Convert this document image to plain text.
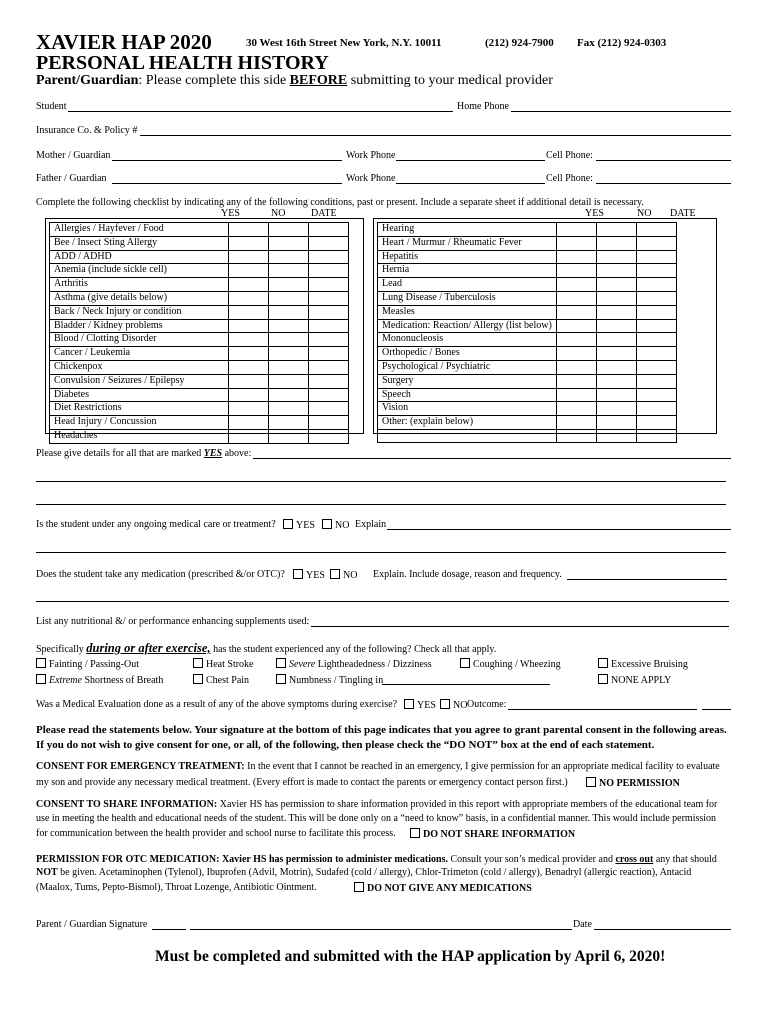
XAVIER HAP 2020	30 West 16th Street New York, N.Y. 10011	(212) 924-7900 Fax (212) 924-0303
PERSONAL HEALTH HISTORY
Parent/Guardian: Please complete this side BEFORE submitting to your medical provider
Student	Home Phone
Insurance Co. & Policy #
Mother / Guardian	Work Phone	Cell Phone:
Father / Guardian	Work Phone	Cell Phone:
Complete the following checklist by indicating any of the following conditions, past or present. Include a separate sheet if additional detail is necessary.
YES	NO	DATE	YES	NO DATE
Allergies / Hayfever / Food			
Bee / Insect Sting Allergy			
ADD / ADHD			
Anemia (include sickle cell)			
Arthritis			
Asthma (give details below)			
Back / Neck Injury or condition			
Bladder / Kidney problems			
Blood / Clotting Disorder			
Cancer / Leukemia			
Chickenpox			
Convulsion / Seizures / Epilepsy			
Diabetes			
Diet Restrictions			
Head Injury / Concussion			
Headaches			
Hearing			
Heart / Murmur / Rheumatic Fever			
Hepatitis			
Hernia			
Lead			
Lung Disease / Tuberculosis			
Measles			
Medication: Reaction/ Allergy (list below)			
Mononucleosis			
Orthopedic / Bones			
Psychological / Psychiatric			
Surgery			
Speech			
Vision			
Other: (explain below)			

Please give details for all that are marked YES above:
Is the student under any ongoing medical care or treatment?	YES	NO Explain
Does the student take any medication (prescribed &/or OTC)?	YES	NO Explain. Include dosage, reason and frequency.
List any nutritional &/ or performance enhancing supplements used:
Specifically during or after exercise, has the student experienced any of the following? Check all that apply.
Fainting / Passing-Out	Heat Stroke	Severe Lightheadedness / Dizziness	Coughing / Wheezing	Excessive Bruising
Extreme Shortness of Breath	Chest Pain	Numbness / Tingling in	NONE APPLY
Was a Medical Evaluation done as a result of any of the above symptoms during exercise?	YES	NO Outcome:
Please read the statements below. Your signature at the bottom of this page indicates that you agree to grant parental consent in the following areas. If you do not wish to give consent for one, or all, of the following, then please check the “DO NOT” box at the end of each statement.
CONSENT FOR EMERGENCY TREATMENT: In the event that I cannot be reached in an emergency, I give permission for an appropriate medical facility to evaluate
my son and provide any necessary medical treatment. (Every effort is made to contact the parents or emergency contact person first.)	NO PERMISSION
CONSENT TO SHARE INFORMATION: Xavier HS has permission to share information provided in this report with appropriate members of the educational team for
use in meeting the health and educational needs of the student. This will be done only on a “need to know” basis, in a confidential manner. This would include permission
for communication between the health provider and school nurse to facilitate this process.	DO NOT SHARE INFORMATION
PERMISSION FOR OTC MEDICATION: Xavier HS has permission to administer medications. Consult your son’s medical provider and cross out any that should
NOT be given. Acetaminophen (Tylenol), Ibuprofen (Advil, Motrin), Sudafed (cold / allergy), Chlor-Trimeton (cold / allergy), Benadryl (allergic reaction), Antacid
(Maalox, Tums, Pepto-Bismol), Throat Lozenge, Antibiotic Ointment.	DO NOT GIVE ANY MEDICATIONS
Parent / Guardian Signature	Date
Must be completed and submitted with the HAP application by April 6, 2020!
